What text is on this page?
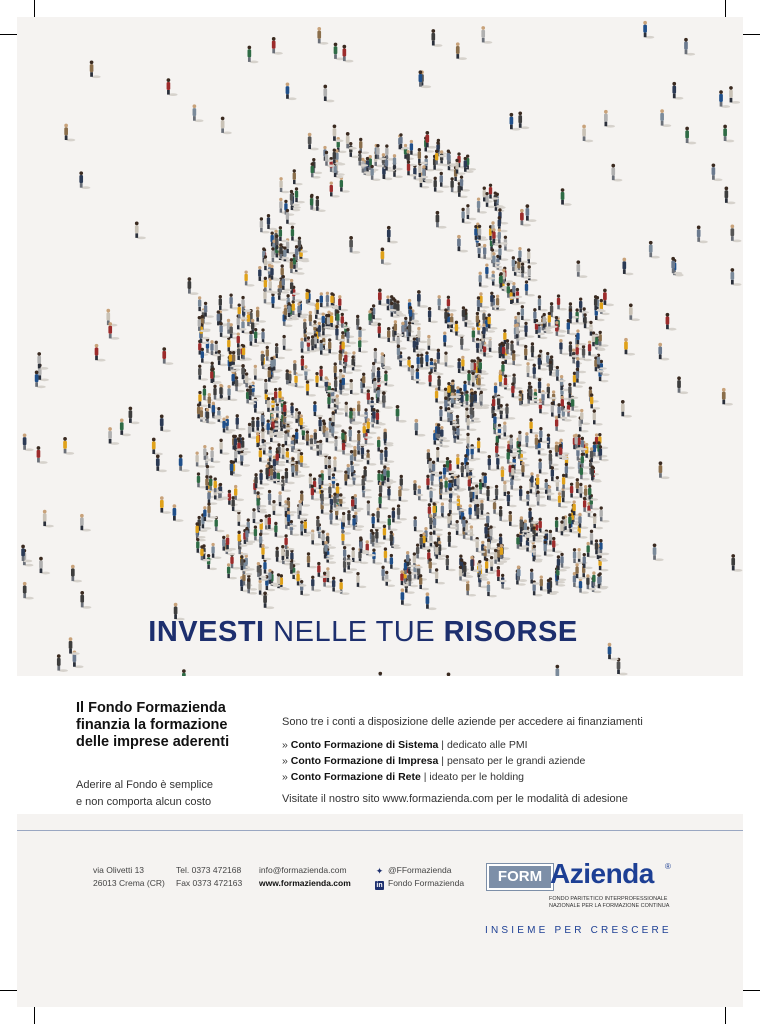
INVESTI NELLE TUE RISORSE
Il Fondo Formazienda
finanzia la formazione
delle imprese aderenti
Aderire al Fondo è semplice
e non comporta alcun costo
Sono tre i conti a disposizione delle aziende per accedere ai finanziamenti
» Conto Formazione di Sistema | dedicato alle PMI
» Conto Formazione di Impresa | pensato per le grandi aziende
» Conto Formazione di Rete | ideato per le holding
Visitate il nostro sito www.formazienda.com per le modalità di adesione
via Olivetti 13
26013 Crema (CR)
Tel. 0373 472168
Fax 0373 472163
info@formazienda.com
www.formazienda.com
✦ @FFormazienda
in Fondo Formazienda	FORM Azienda ®
FONDO PARITETICO INTERPROFESSIONALE
NAZIONALE PER LA FORMAZIONE CONTINUA
INSIEME PER CRESCERE
